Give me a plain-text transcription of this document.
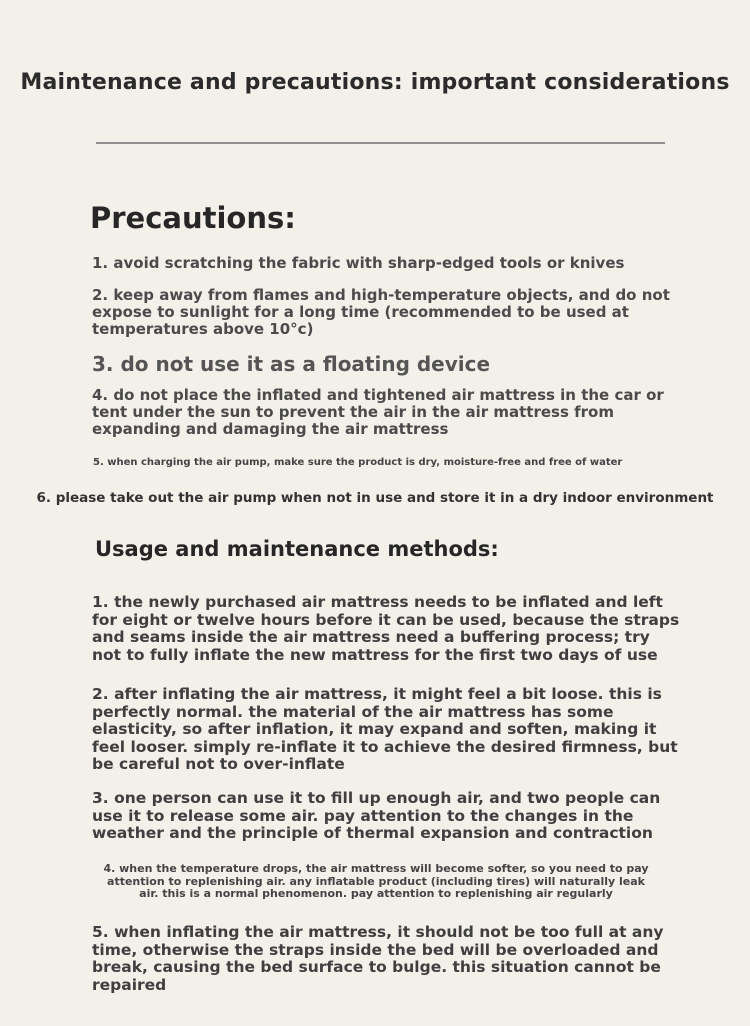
Maintenance and precautions: important considerations
Precautions:
1. avoid scratching the fabric with sharp-edged tools or knives
2. keep away from flames and high-temperature objects, and do not expose to sunlight for a long time (recommended to be used at temperatures above 10°c)
3. do not use it as a floating device
4. do not place the inflated and tightened air mattress in the car or tent under the sun to prevent the air in the air mattress from expanding and damaging the air mattress
5. when charging the air pump, make sure the product is dry, moisture-free and free of water
6. please take out the air pump when not in use and store it in a dry indoor environment
Usage and maintenance methods:
1. the newly purchased air mattress needs to be inflated and left for eight or twelve hours before it can be used, because the straps and seams inside the air mattress need a buffering process; try not to fully inflate the new mattress for the first two days of use
2. after inflating the air mattress, it might feel a bit loose. this is perfectly normal. the material of the air mattress has some elasticity, so after inflation, it may expand and soften, making it feel looser. simply re-inflate it to achieve the desired firmness, but be careful not to over-inflate
3. one person can use it to fill up enough air, and two people can use it to release some air. pay attention to the changes in the weather and the principle of thermal expansion and contraction
4. when the temperature drops, the air mattress will become softer, so you need to pay attention to replenishing air. any inflatable product (including tires) will naturally leak air. this is a normal phenomenon. pay attention to replenishing air regularly
5. when inflating the air mattress, it should not be too full at any time, otherwise the straps inside the bed will be overloaded and break, causing the bed surface to bulge. this situation cannot be repaired
